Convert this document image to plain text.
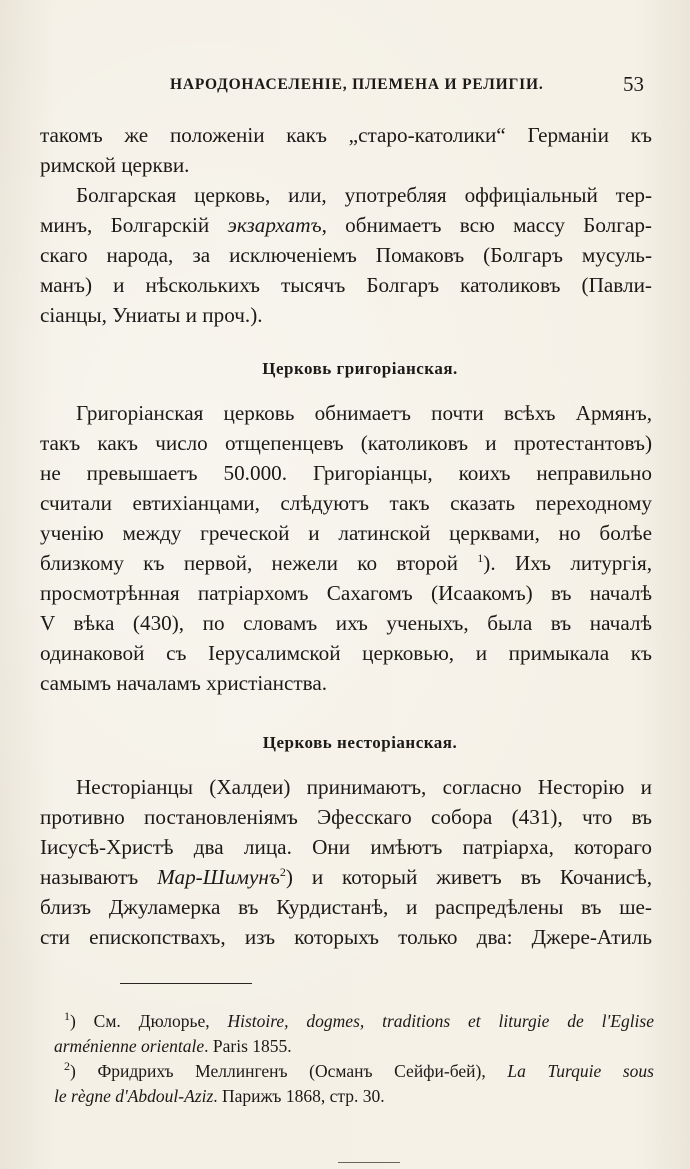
НАРОДОНАСЕЛЕНІЕ, ПЛЕМЕНА И РЕЛИГІИ.	53
такомъ же положеніи какъ „старо-католики“ Германіи къ
римской церкви.
Болгарская церковь, или, употребляя оффиціальный тер-
минъ, Болгарскій экзархатъ, обнимаетъ всю массу Болгар-
скаго народа, за исключеніемъ Помаковъ (Болгаръ мусуль-
манъ) и нѣсколькихъ тысячъ Болгаръ католиковъ (Павли-
сіанцы, Униаты и проч.).
Церковь григоріанская.
Григоріанская церковь обнимаетъ почти всѣхъ Армянъ,
такъ какъ число отщепенцевъ (католиковъ и протестантовъ)
не превышаетъ 50.000. Григоріанцы, коихъ неправильно
считали евтихіанцами, слѣдуютъ такъ сказать переходному
ученію между греческой и латинской церквами, но болѣе
близкому къ первой, нежели ко второй $^1$). Ихъ литургія,
просмотрѣнная патріархомъ Сахагомъ (Исаакомъ) въ началѣ
V вѣка (430), по словамъ ихъ ученыхъ, была въ началѣ
одинаковой съ Іерусалимской церковью, и примыкала къ
самымъ началамъ христіанства.
Церковь несторіанская.
Несторіанцы (Халдеи) принимаютъ, согласно Несторію и
противно постановленіямъ Эфесскаго собора (431), что въ
Іисусѣ-Христѣ два лица. Они имѣютъ патріарха, котораго
называютъ Мар-Шимунъ$^2$) и который живетъ въ Кочанисѣ,
близъ Джуламерка въ Курдистанѣ, и распредѣлены въ ше-
сти епископствахъ, изъ которыхъ только два: Джере-Атиль
$^1$) См. Дюлорье, Histoire, dogmes, traditions et liturgie de l'Eglise
arménienne orientale. Paris 1855.
$^2$) Фридрихъ Меллингенъ (Османъ Сейфи-бей), La Turquie sous
le règne d'Abdoul-Aziz. Парижъ 1868, стр. 30.
